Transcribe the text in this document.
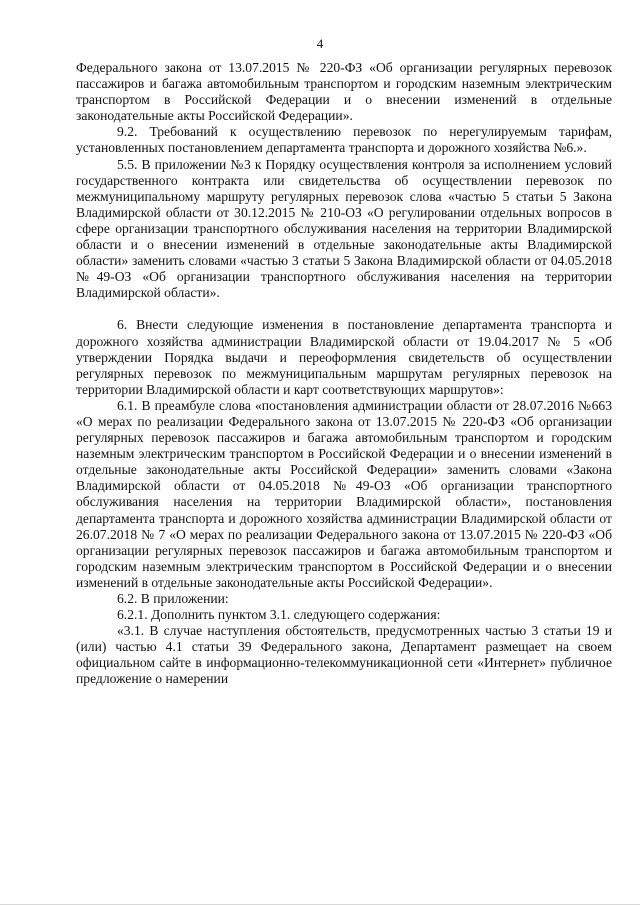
4

Федерального закона от 13.07.2015 № 220-ФЗ «Об организации регулярных перевозок пассажиров и багажа автомобильным транспортом и городским наземным электрическим транспортом в Российской Федерации и о внесении изменений в отдельные законодательные акты Российской Федерации».

9.2. Требований к осуществлению перевозок по нерегулируемым тарифам, установленных постановлением департамента транспорта и дорожного хозяйства №6.».

5.5. В приложении №3 к Порядку осуществления контроля за исполнением условий государственного контракта или свидетельства об осуществлении перевозок по межмуниципальному маршруту регулярных перевозок слова «частью 5 статьи 5 Закона Владимирской области от 30.12.2015 № 210-ОЗ «О регулировании отдельных вопросов в сфере организации транспортного обслуживания населения на территории Владимирской области и о внесении изменений в отдельные законодательные акты Владимирской области» заменить словами «частью 3 статьи 5 Закона Владимирской области от 04.05.2018 №49-ОЗ «Об организации транспортного обслуживания населения на территории Владимирской области».

6. Внести следующие изменения в постановление департамента транспорта и дорожного хозяйства администрации Владимирской области от 19.04.2017 № 5 «Об утверждении Порядка выдачи и переоформления свидетельств об осуществлении регулярных перевозок по межмуниципальным маршрутам регулярных перевозок на территории Владимирской области и карт соответствующих маршрутов»:

6.1. В преамбуле слова «постановления администрации области от 28.07.2016 №663 «О мерах по реализации Федерального закона от 13.07.2015 № 220-ФЗ «Об организации регулярных перевозок пассажиров и багажа автомобильным транспортом и городским наземным электрическим транспортом в Российской Федерации и о внесении изменений в отдельные законодательные акты Российской Федерации» заменить словами «Закона Владимирской области от 04.05.2018 №49-ОЗ «Об организации транспортного обслуживания населения на территории Владимирской области», постановления департамента транспорта и дорожного хозяйства администрации Владимирской области от 26.07.2018 № 7 «О мерах по реализации Федерального закона от 13.07.2015 № 220-ФЗ «Об организации регулярных перевозок пассажиров и багажа автомобильным транспортом и городским наземным электрическим транспортом в Российской Федерации и о внесении изменений в отдельные законодательные акты Российской Федерации».

6.2. В приложении:

6.2.1. Дополнить пунктом 3.1. следующего содержания:

«3.1. В случае наступления обстоятельств, предусмотренных частью 3 статьи 19 и (или) частью 4.1 статьи 39 Федерального закона, Департамент размещает на своем официальном сайте в информационно-телекоммуникационной сети «Интернет» публичное предложение о намерении
